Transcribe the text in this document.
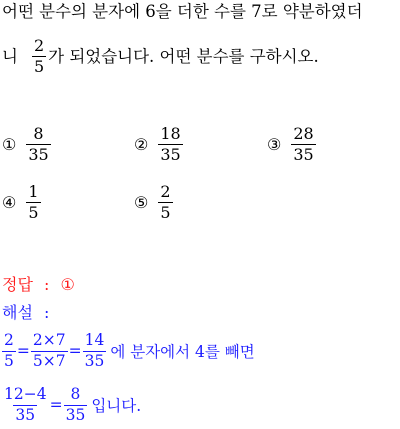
어떤 분수의 분자에 6을 더한 수를 7로 약분하였더
니 $\frac{2}{5}$ 가 되었습니다. 어떤 분수를 구하시오.
① $\frac{8}{35}$	② $\frac{18}{35}$	③ $\frac{28}{35}$
④ $\frac{1}{5}$	⑤ $\frac{2}{5}$
정답 : ①
해설 :
$\frac{2}{5} = \frac{2\times 7}{5\times 7} = \frac{14}{35}$ 에 분자에서 4를 빼면
$\frac{12-4}{35} = \frac{8}{35}$ 입니다.
